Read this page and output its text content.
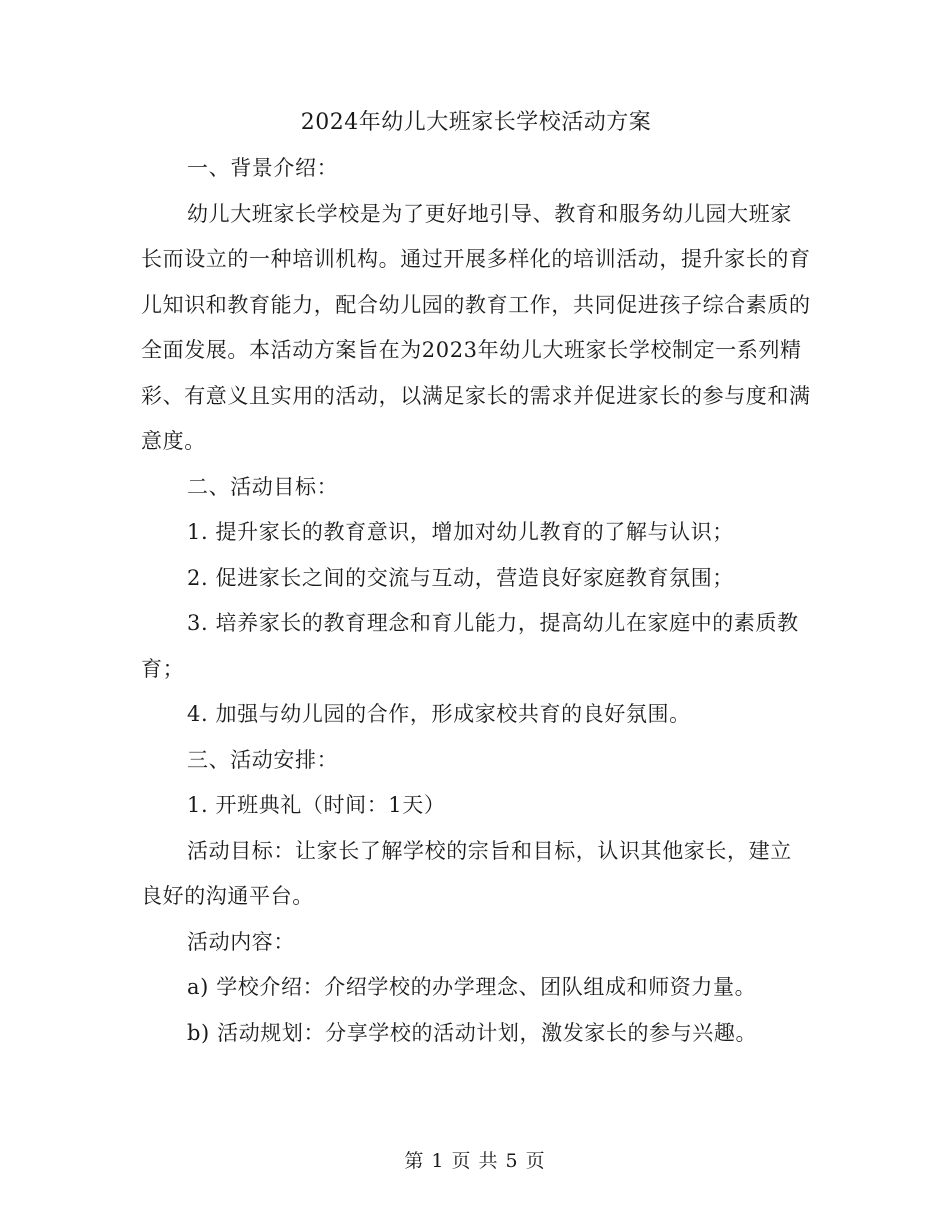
2024年幼儿大班家长学校活动方案

一、背景介绍：

幼儿大班家长学校是为了更好地引导、教育和服务幼儿园大班家长而设立的一种培训机构。通过开展多样化的培训活动，提升家长的育儿知识和教育能力，配合幼儿园的教育工作，共同促进孩子综合素质的全面发展。本活动方案旨在为2023年幼儿大班家长学校制定一系列精彩、有意义且实用的活动，以满足家长的需求并促进家长的参与度和满意度。

二、活动目标：

1. 提升家长的教育意识，增加对幼儿教育的了解与认识；

2. 促进家长之间的交流与互动，营造良好家庭教育氛围；

3. 培养家长的教育理念和育儿能力，提高幼儿在家庭中的素质教育；

4. 加强与幼儿园的合作，形成家校共育的良好氛围。

三、活动安排：

1. 开班典礼（时间：1天）

活动目标：让家长了解学校的宗旨和目标，认识其他家长，建立良好的沟通平台。

活动内容：

a) 学校介绍：介绍学校的办学理念、团队组成和师资力量。

b) 活动规划：分享学校的活动计划，激发家长的参与兴趣。

第 1 页 共 5 页
